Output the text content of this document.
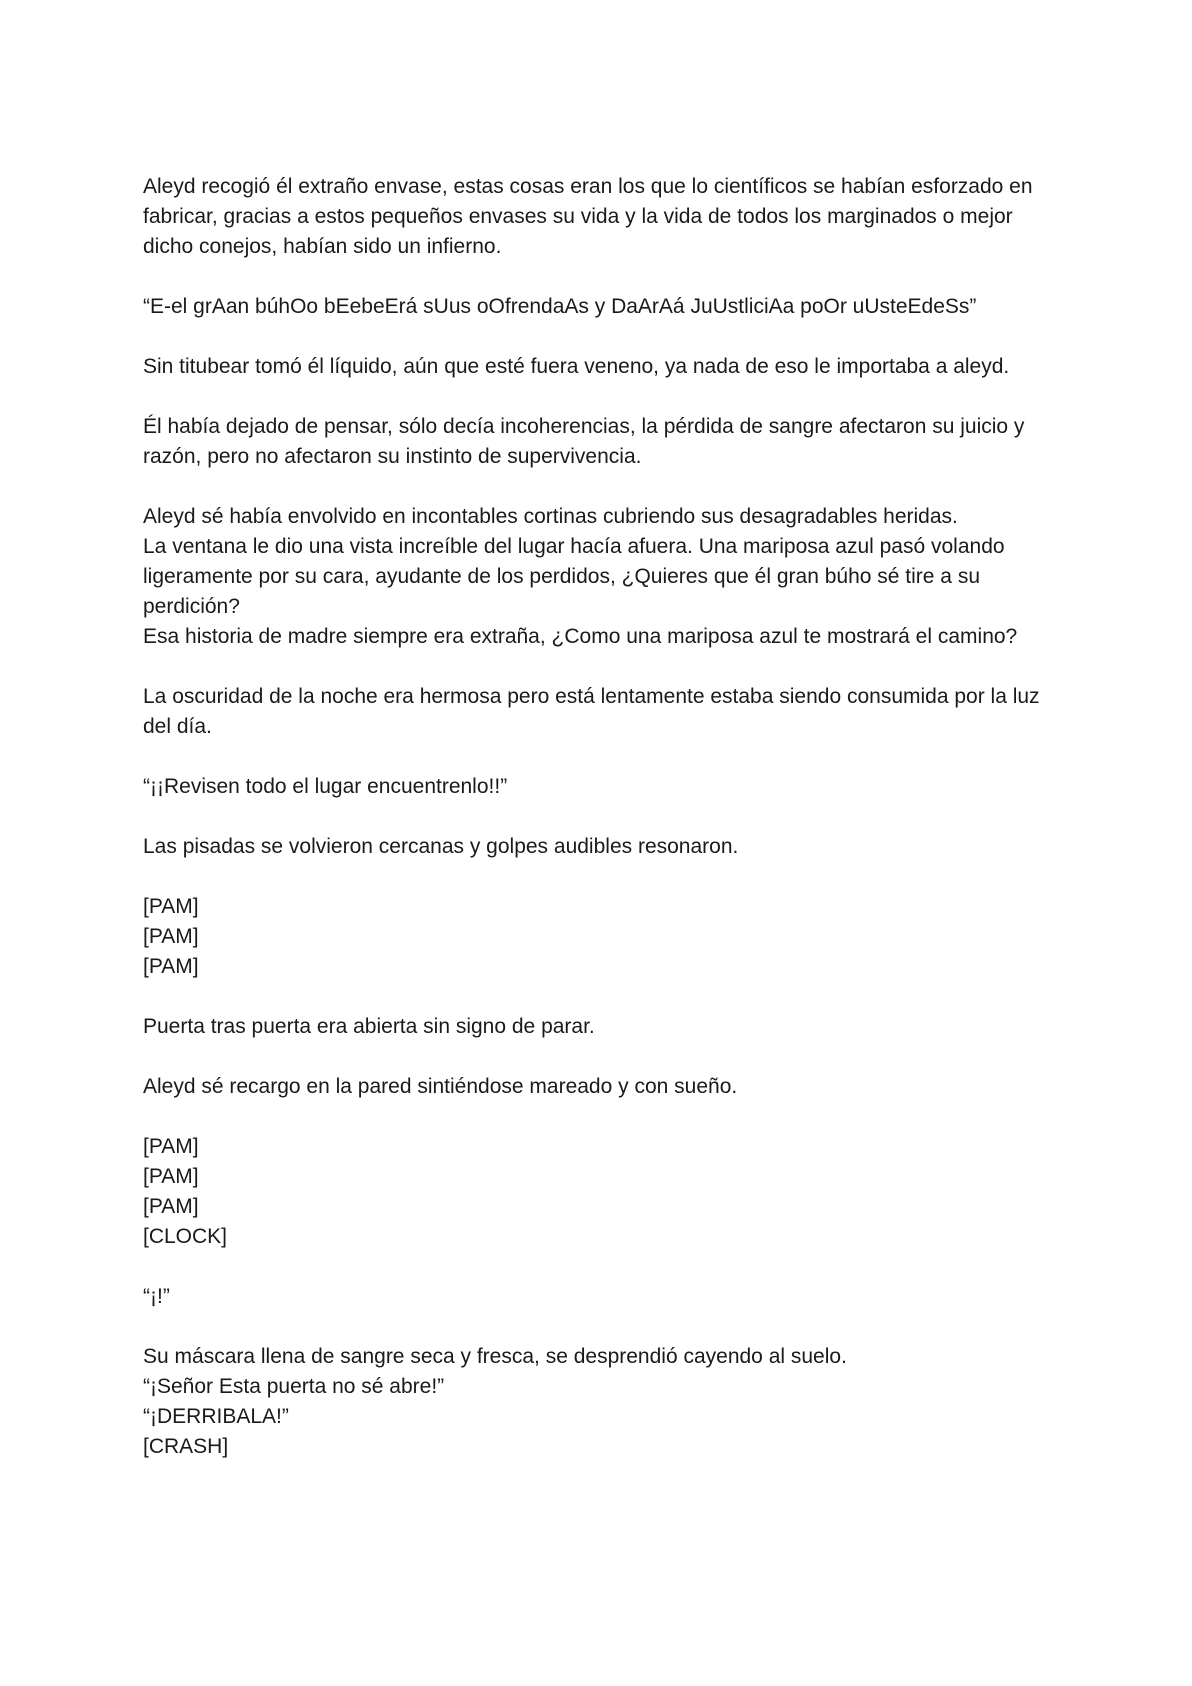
Aleyd recogió él extraño envase, estas cosas eran los que lo científicos se habían esforzado en fabricar, gracias a estos pequeños envases su vida y la vida de todos los marginados o mejor dicho conejos, habían sido un infierno.

“E-el grAan búhOo bEebeErá sUus oOfrendaAs y DaArAá JuUstliciAa poOr uUsteEdeSs”

Sin titubear tomó él líquido, aún que esté fuera veneno, ya nada de eso le importaba a aleyd.

Él había dejado de pensar, sólo decía incoherencias, la pérdida de sangre afectaron su juicio y razón, pero no afectaron su instinto de supervivencia.

Aleyd sé había envolvido en incontables cortinas cubriendo sus desagradables heridas.
La ventana le dio una vista increíble del lugar hacía afuera. Una mariposa azul pasó volando ligeramente por su cara, ayudante de los perdidos, ¿Quieres que él gran búho sé tire a su perdición?
Esa historia de madre siempre era extraña, ¿Como una mariposa azul te mostrará el camino?

La oscuridad de la noche era hermosa pero está lentamente estaba siendo consumida por la luz del día.

“¡¡Revisen todo el lugar encuentrenlo!!”

Las pisadas se volvieron cercanas y golpes audibles resonaron.

[PAM]
[PAM]
[PAM]

Puerta tras puerta era abierta sin signo de parar.

Aleyd sé recargo en la pared sintiéndose mareado y con sueño.

[PAM]
[PAM]
[PAM]
[CLOCK]

“¡!”

Su máscara llena de sangre seca y fresca, se desprendió cayendo al suelo.
“¡Señor Esta puerta no sé abre!”
“¡DERRIBALA!”
[CRASH]
